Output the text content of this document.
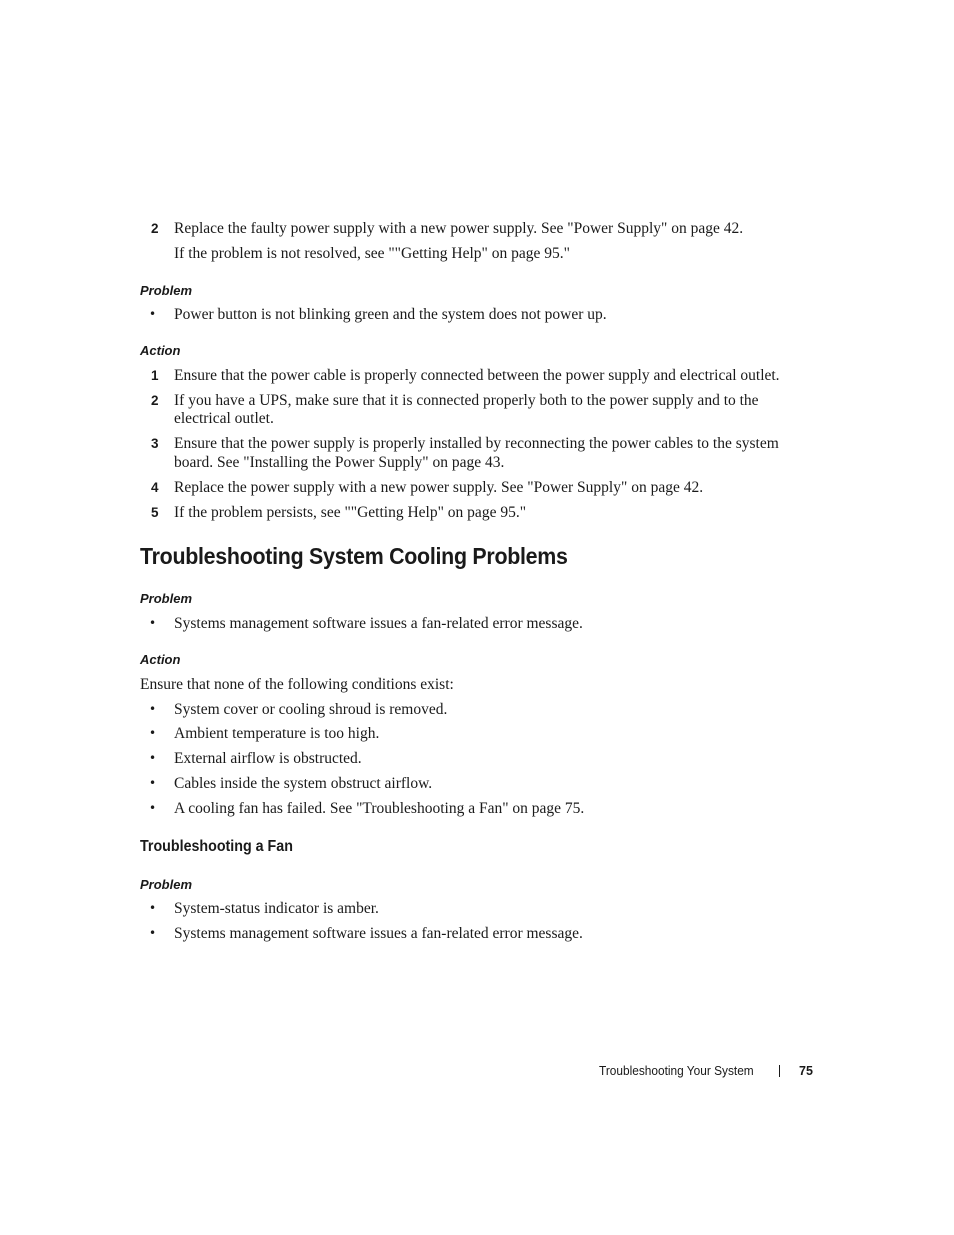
2 Replace the faulty power supply with a new power supply. See "Power Supply" on page 42.
If the problem is not resolved, see ""Getting Help" on page 95."
Problem
• Power button is not blinking green and the system does not power up.
Action
1 Ensure that the power cable is properly connected between the power supply and electrical outlet.
2 If you have a UPS, make sure that it is connected properly both to the power supply and to the
electrical outlet.
3 Ensure that the power supply is properly installed by reconnecting the power cables to the system
board. See "Installing the Power Supply" on page 43.
4 Replace the power supply with a new power supply. See "Power Supply" on page 42.
5 If the problem persists, see ""Getting Help" on page 95."
Troubleshooting System Cooling Problems
Problem
• Systems management software issues a fan-related error message.
Action
Ensure that none of the following conditions exist:
• System cover or cooling shroud is removed.
• Ambient temperature is too high.
• External airflow is obstructed.
• Cables inside the system obstruct airflow.
• A cooling fan has failed. See "Troubleshooting a Fan" on page 75.
Troubleshooting a Fan
Problem
• System-status indicator is amber.
• Systems management software issues a fan-related error message.
Troubleshooting Your System	75
